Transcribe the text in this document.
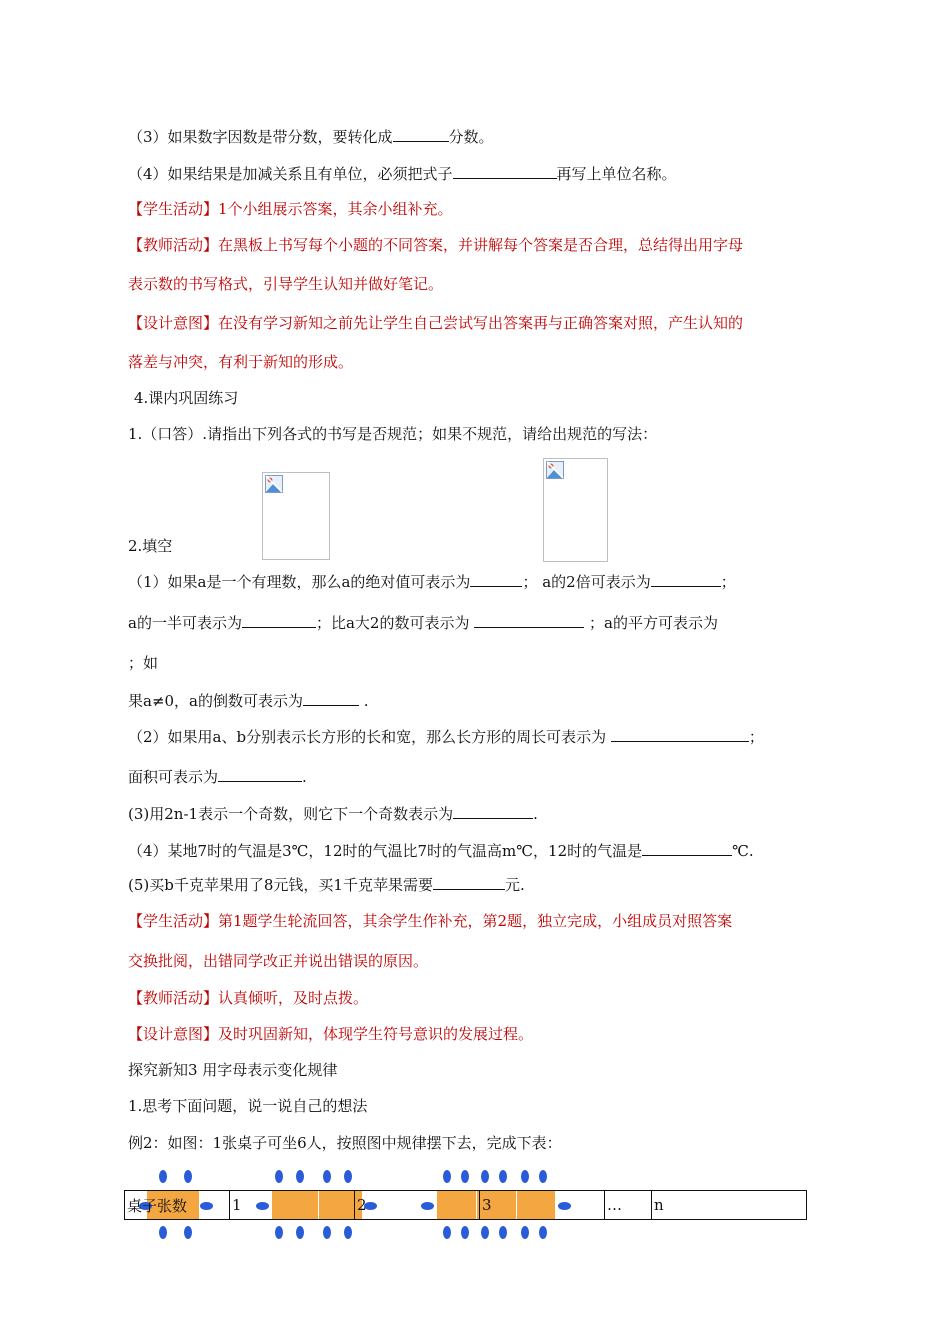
（3）如果数字因数是带分数，要转化成	分数。
（4）如果结果是加减关系且有单位，必须把式子	再写上单位名称。
【学生活动】1个小组展示答案，其余小组补充。
【教师活动】在黑板上书写每个小题的不同答案，并讲解每个答案是否合理，总结得出用字母
表示数的书写格式，引导学生认知并做好笔记。
【设计意图】在没有学习新知之前先让学生自己尝试写出答案再与正确答案对照，产生认知的
落差与冲突，有利于新知的形成。
4.课内巩固练习
1.（口答）.请指出下列各式的书写是否规范；如果不规范，请给出规范的写法：
2.填空
（1）如果a是一个有理数，那么a的绝对值可表示为	； a的2倍可表示为	；
a的一半可表示为	；比a大2的数可表示为	；a的平方可表示为
；如
果a≠0，a的倒数可表示为	.
（2）如果用a、b分别表示长方形的长和宽，那么长方形的周长可表示为	；
面积可表示为	.
(3)用2n-1表示一个奇数，则它下一个奇数表示为	.
（4）某地7时的气温是3℃，12时的气温比7时的气温高m℃，12时的气温是	℃.
(5)买b千克苹果用了8元钱，买1千克苹果需要	元.
【学生活动】第1题学生轮流回答，其余学生作补充，第2题，独立完成，小组成员对照答案
交换批阅，出错同学改正并说出错误的原因。
【教师活动】认真倾听，及时点拨。
【设计意图】及时巩固新知，体现学生符号意识的发展过程。
探究新知3 用字母表示变化规律
1.思考下面问题，说一说自己的想法
例2：如图：1张桌子可坐6人，按照图中规律摆下去，完成下表：
桌子张数	1	2	3	…	n
